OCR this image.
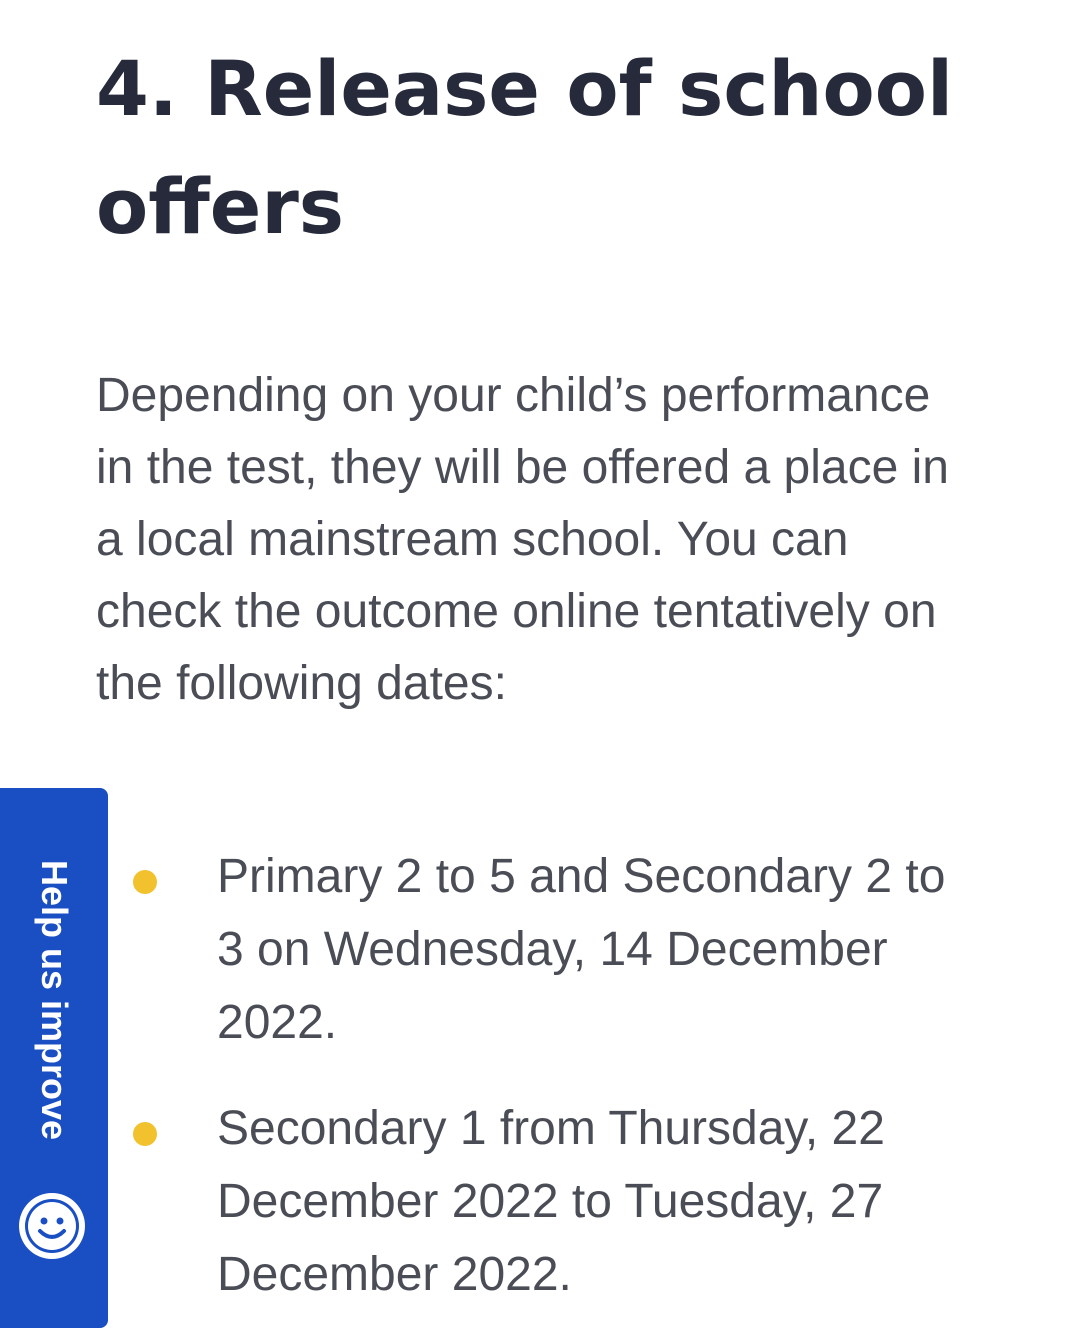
4. Release of school offers

Depending on your child’s performance in the test, they will be offered a place in a local mainstream school. You can check the outcome online tentatively on the following dates:

Primary 2 to 5 and Secondary 2 to 3 on Wednesday, 14 December 2022.
Secondary 1 from Thursday, 22 December 2022 to Tuesday, 27 December 2022.
Help us improve
